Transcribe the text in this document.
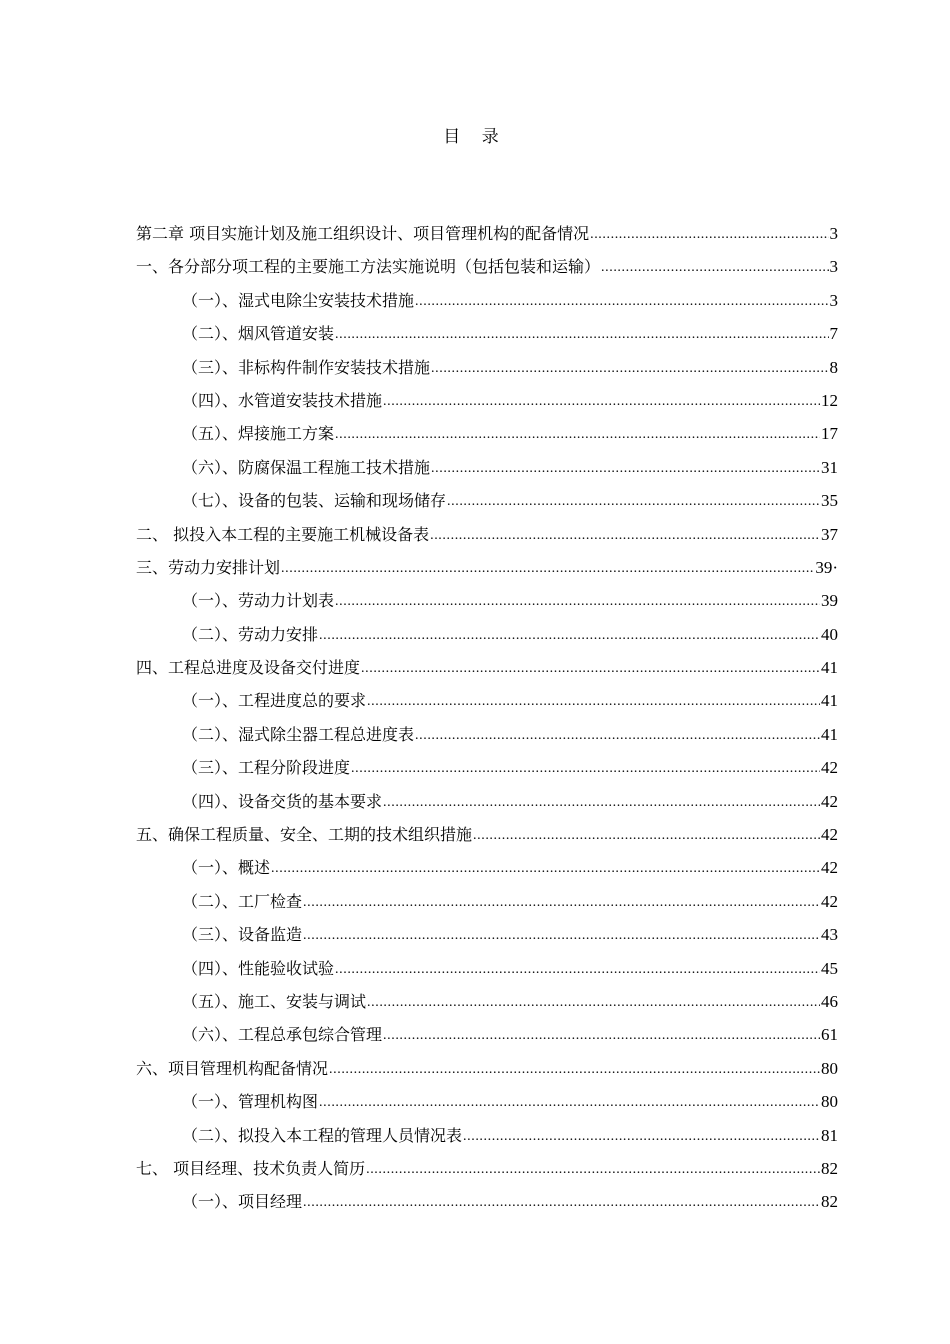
目 录
第二章 项目实施计划及施工组织设计、项目管理机构的配备情况 .....	3
一、各分部分项工程的主要施工方法实施说明（包括包装和运输） .....	3
（一）、湿式电除尘安装技术措施 .....	3
（二）、烟风管道安装 .....	7
（三）、非标构件制作安装技术措施 .....	8
（四）、水管道安装技术措施 .....	12
（五）、焊接施工方案 .....	17
（六）、防腐保温工程施工技术措施 .....	31
（七）、设备的包装、运输和现场储存 .....	35
二、 拟投入本工程的主要施工机械设备表 .....	37
三、劳动力安排计划 .....	39·
（一）、劳动力计划表 .....	39
（二）、劳动力安排 .....	40
四、工程总进度及设备交付进度 .....	41
（一）、工程进度总的要求 .....	41
（二）、湿式除尘器工程总进度表 .....	41
（三）、工程分阶段进度 .....	42
（四）、设备交货的基本要求 .....	42
五、确保工程质量、安全、工期的技术组织措施 .....	42
（一）、概述 .....	42
（二）、工厂检查 .....	42
（三）、设备监造 .....	43
（四）、性能验收试验 .....	45
（五）、施工、安装与调试 .....	46
（六）、工程总承包综合管理 .....	61
六、项目管理机构配备情况 .....	80
（一）、管理机构图 .....	80
（二）、拟投入本工程的管理人员情况表 .....	81
七、 项目经理、技术负责人简历 .....	82
（一）、项目经理 .....	82
